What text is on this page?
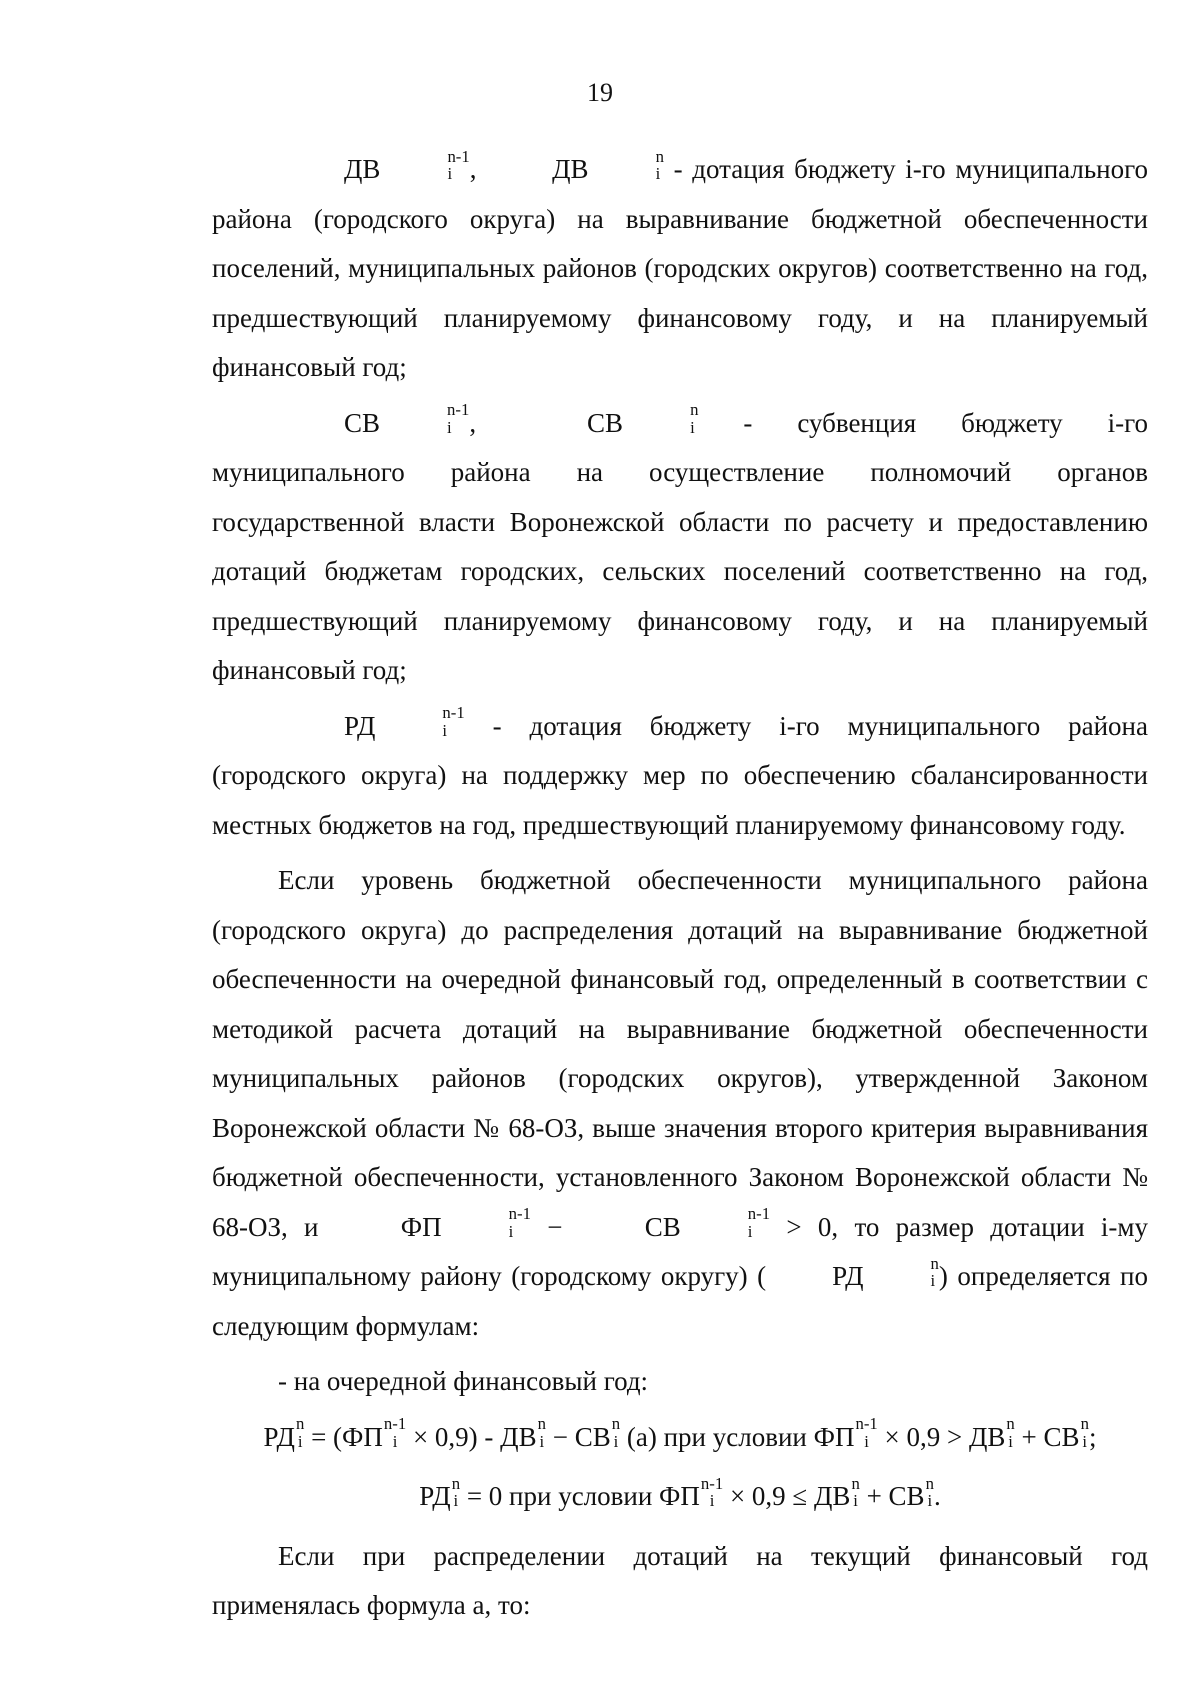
19

ДВ	n-1
i ,	ДВ	n
i - дотация бюджету i-го муниципального района (городского округа) на выравнивание бюджетной обеспеченности поселений, муниципальных районов (городских округов) соответственно на год, предшествующий планируемому финансовому году, и на планируемый финансовый год;

СВ	n-1
i ,	СВ	n
i - субвенция бюджету i-го муниципального района на осуществление полномочий органов государственной власти Воронежской области по расчету и предоставлению дотаций бюджетам городских, сельских поселений соответственно на год, предшествующий планируемому финансовому году, и на планируемый финансовый год;

РД	n-1
i - дотация бюджету i-го муниципального района (городского округа) на поддержку мер по обеспечению сбалансированности местных бюджетов на год, предшествующий планируемому финансовому году.

Если уровень бюджетной обеспеченности муниципального района (городского округа) до распределения дотаций на выравнивание бюджетной обеспеченности на очередной финансовый год, определенный в соответствии с методикой расчета дотаций на выравнивание бюджетной обеспеченности муниципальных районов (городских округов), утвержденной Законом Воронежской области № 68-ОЗ, выше значения второго критерия выравнивания бюджетной обеспеченности, установленного Законом Воронежской области № 68-ОЗ, и ФП	n-1
i − СВ	n-1
i > 0, то размер дотации i-му муниципальному району (городскому округу) ( РД	n
i ) определяется по следующим формулам:

- на очередной финансовый год:

РД n
i = (ФП n-1
i × 0,9) - ДВ n
i − СВ n
i (а) при условии ФП n-1
i × 0,9 > ДВ n
i + СВ n
i ;

РД n
i = 0 при условии ФП n-1
i × 0,9 ≤ ДВ n
i + СВ n
i .

Если при распределении дотаций на текущий финансовый год применялась формула а, то:
